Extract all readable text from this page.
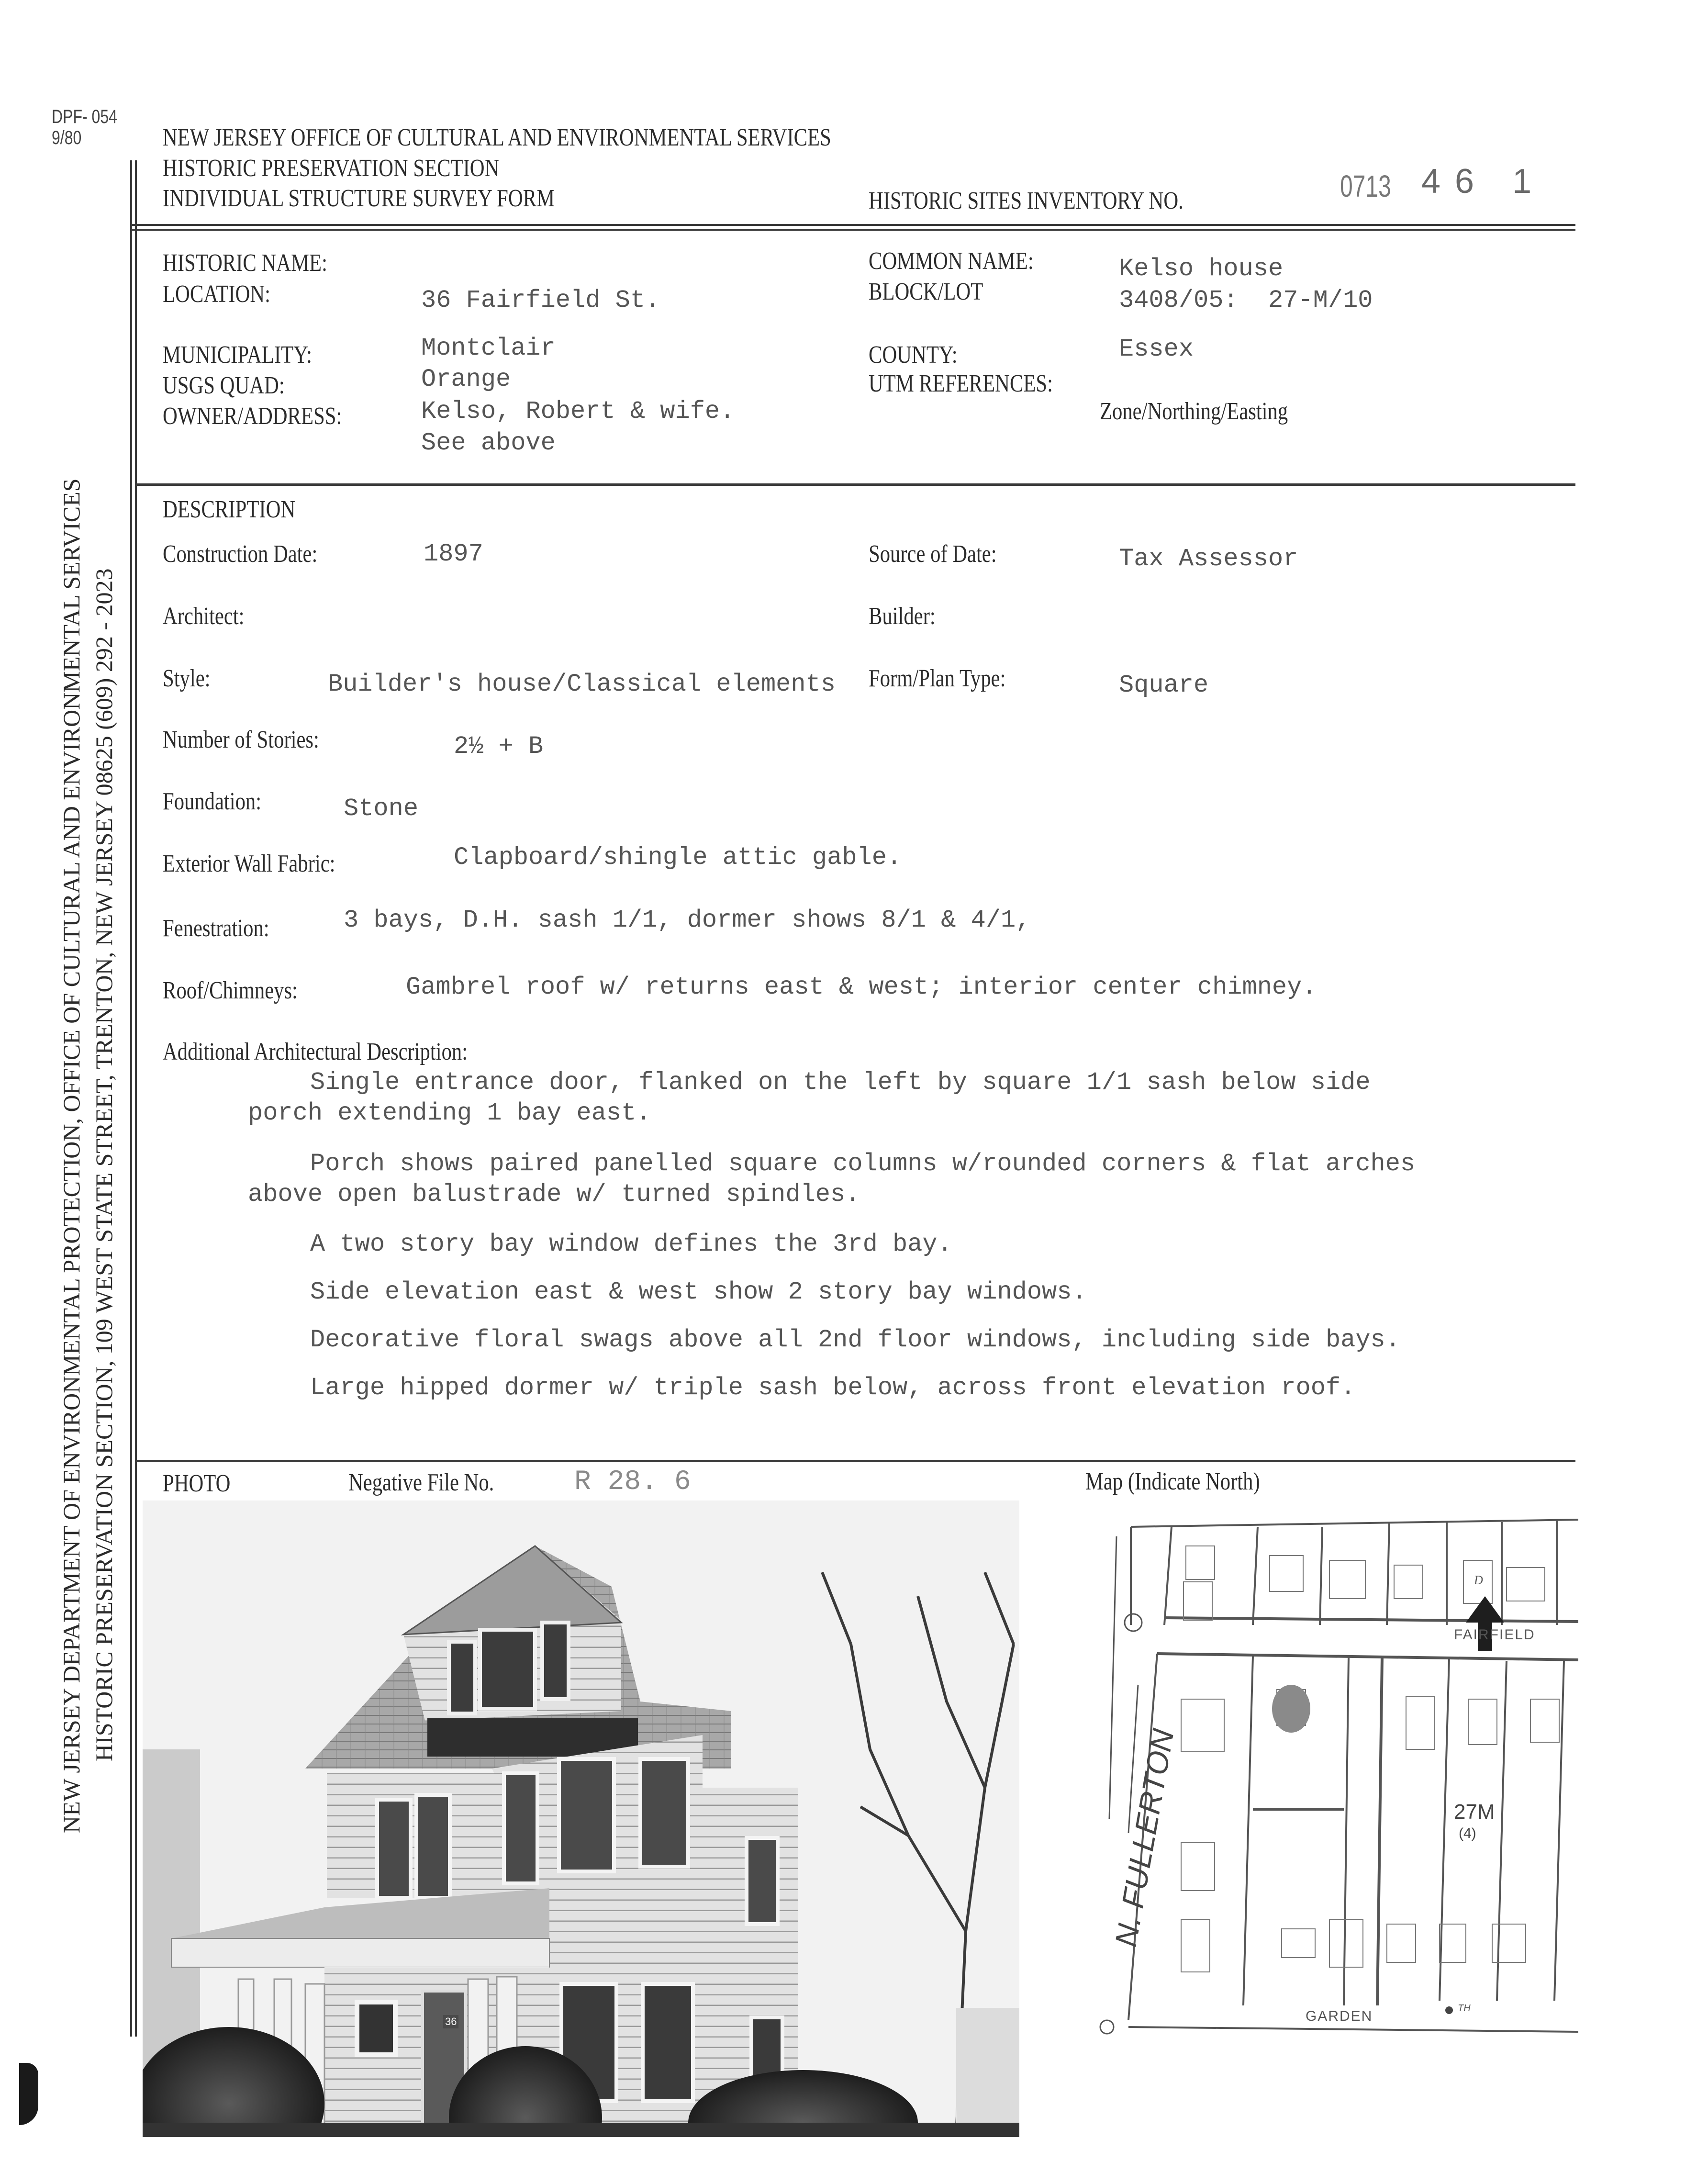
DPF- 054
9/80	NEW JERSEY OFFICE OF CULTURAL AND ENVIRONMENTAL SERVICES
HISTORIC PRESERVATION SECTION
INDIVIDUAL STRUCTURE SURVEY FORM	HISTORIC SITES INVENTORY NO.	0713 46 1
NEW JERSEY DEPARTMENT OF ENVIRONMENTAL PROTECTION, OFFICE OF CULTURAL AND ENVIRONMENTAL SERVICES HISTORIC PRESERVATION SECTION, 109 WEST STATE STREET, TRENTON, NEW JERSEY 08625 (609) 292 - 2023
HISTORIC NAME:
LOCATION:	36 Fairfield St.
MUNICIPALITY:	Montclair
USGS QUAD:	Orange
OWNER/ADDRESS:	Kelso, Robert & wife.
See above
COMMON NAME:	Kelso house
BLOCK/LOT	3408/05:  27-M/10
COUNTY:	Essex
UTM REFERENCES:
Zone/Northing/Easting
DESCRIPTION
Construction Date:	1897	Source of Date:	Tax Assessor
Architect:	Builder:
Style:	Builder's house/Classical elements Form/Plan Type:	Square
Number of Stories:	2½ + B
Foundation:	Stone
Exterior Wall Fabric:	Clapboard/shingle attic gable.
Fenestration:	3 bays, D.H. sash 1/1, dormer shows 8/1 & 4/1,
Roof/Chimneys:	Gambrel roof w/ returns east & west; interior center chimney.
Additional Architectural Description:
Single entrance door, flanked on the left by square 1/1 sash below side
porch extending 1 bay east.
Porch shows paired panelled square columns w/rounded corners & flat arches
above open balustrade w/ turned spindles.
A two story bay window defines the 3rd bay.
Side elevation east & west show 2 story bay windows.
Decorative floral swags above all 2nd floor windows, including side bays.
Large hipped dormer w/ triple sash below, across front elevation roof.
PHOTO	Negative File No.	R 28. 6
36
Map (Indicate North)
D
FAIRFIELD
N. FULLERTON
GARDEN
27M
(4)
TH
